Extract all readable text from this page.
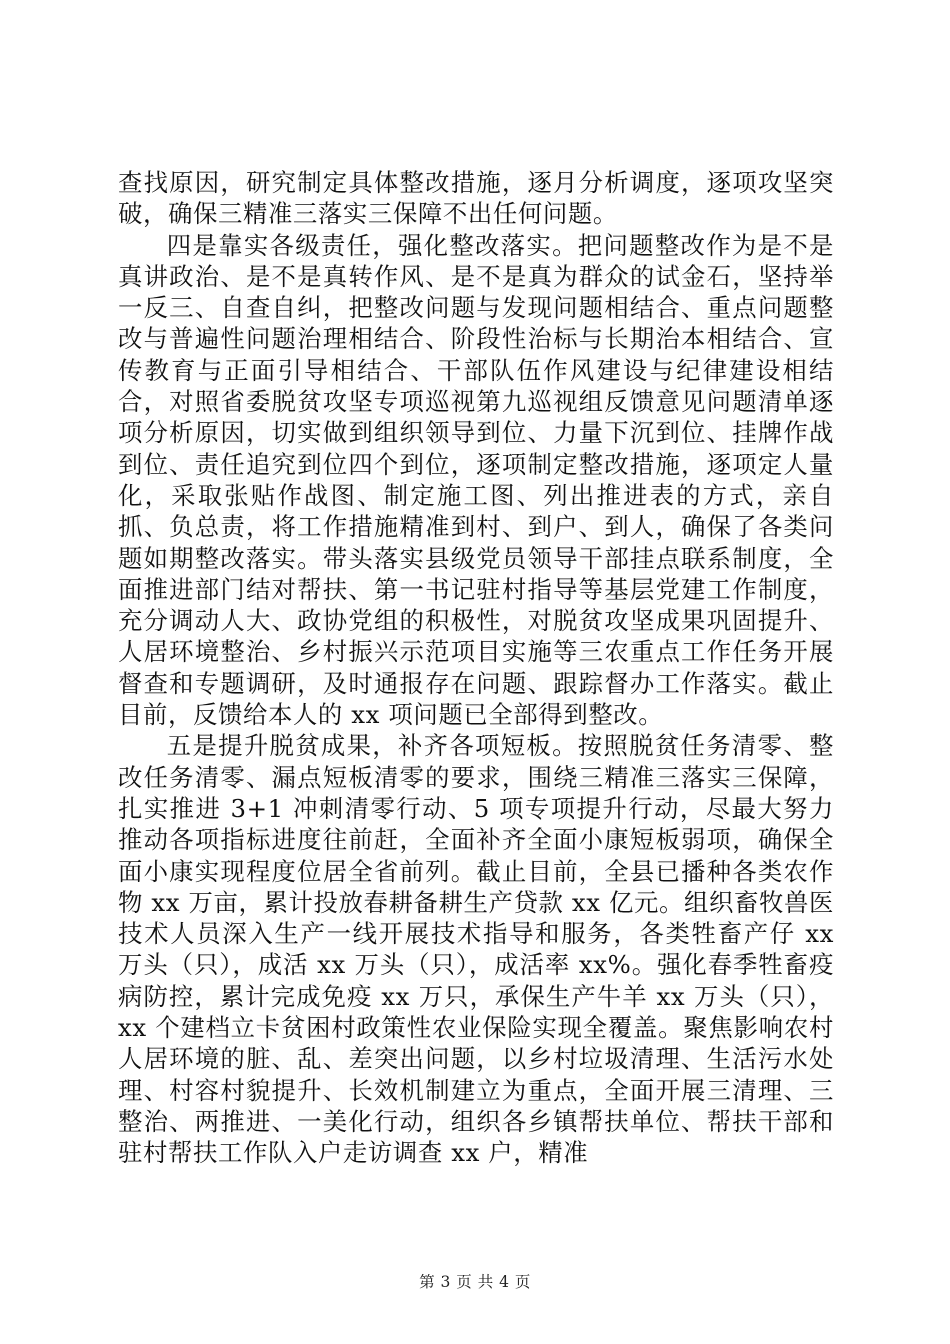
查找原因，研究制定具体整改措施，逐月分析调度，逐项攻坚突破，确保三精准三落实三保障不出任何问题。

四是靠实各级责任，强化整改落实。把问题整改作为是不是真讲政治、是不是真转作风、是不是真为群众的试金石，坚持举一反三、自查自纠，把整改问题与发现问题相结合、重点问题整改与普遍性问题治理相结合、阶段性治标与长期治本相结合、宣传教育与正面引导相结合、干部队伍作风建设与纪律建设相结合，对照省委脱贫攻坚专项巡视第九巡视组反馈意见问题清单逐项分析原因，切实做到组织领导到位、力量下沉到位、挂牌作战到位、责任追究到位四个到位，逐项制定整改措施，逐项定人量化，采取张贴作战图、制定施工图、列出推进表的方式，亲自抓、负总责，将工作措施精准到村、到户、到人，确保了各类问题如期整改落实。带头落实县级党员领导干部挂点联系制度，全面推进部门结对帮扶、第一书记驻村指导等基层党建工作制度，充分调动人大、政协党组的积极性，对脱贫攻坚成果巩固提升、人居环境整治、乡村振兴示范项目实施等三农重点工作任务开展督查和专题调研，及时通报存在问题、跟踪督办工作落实。截止目前，反馈给本人的 xx 项问题已全部得到整改。

五是提升脱贫成果，补齐各项短板。按照脱贫任务清零、整改任务清零、漏点短板清零的要求，围绕三精准三落实三保障，扎实推进 3+1 冲刺清零行动、5 项专项提升行动，尽最大努力推动各项指标进度往前赶，全面补齐全面小康短板弱项，确保全面小康实现程度位居全省前列。截止目前，全县已播种各类农作物 xx 万亩，累计投放春耕备耕生产贷款 xx 亿元。组织畜牧兽医技术人员深入生产一线开展技术指导和服务，各类牲畜产仔 xx 万头（只），成活 xx 万头（只），成活率 xx%。强化春季牲畜疫病防控，累计完成免疫 xx 万只，承保生产牛羊 xx 万头（只），xx 个建档立卡贫困村政策性农业保险实现全覆盖。聚焦影响农村人居环境的脏、乱、差突出问题，以乡村垃圾清理、生活污水处理、村容村貌提升、长效机制建立为重点，全面开展三清理、三整治、两推进、一美化行动，组织各乡镇帮扶单位、帮扶干部和驻村帮扶工作队入户走访调查 xx 户，精准

第 3 页 共 4 页
